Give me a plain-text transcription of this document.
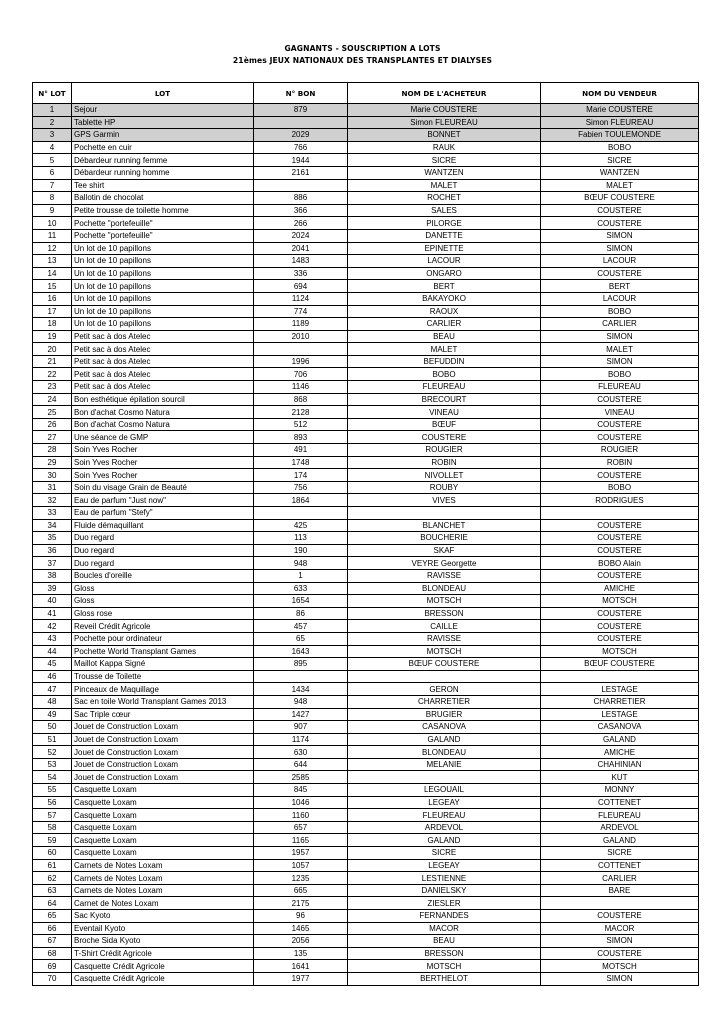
GAGNANTS - SOUSCRIPTION A LOTS
21èmes JEUX NATIONAUX DES TRANSPLANTES ET DIALYSES
N° LOT	LOT	N° BON	NOM DE L'ACHETEUR	NOM DU VENDEUR
1	Sejour	879	Marie COUSTERE	Marie COUSTERE
2	Tablette HP		Simon FLEUREAU	Simon FLEUREAU
3	GPS Garmin	2029	BONNET	Fabien TOULEMONDE
4	Pochette en cuir	766	RAUK	BOBO
5	Débardeur running femme	1944	SICRE	SICRE
6	Débardeur running homme	2161	WANTZEN	WANTZEN
7	Tee shirt		MALET	MALET
8	Ballotin de chocolat	886	ROCHET	BŒUF COUSTERE
9	Petite trousse de toilette homme	366	SALES	COUSTERE
10	Pochette "portefeuille"	266	PILORGE	COUSTERE
11	Pochette "portefeuille"	2024	DANETTE	SIMON
12	Un lot de 10 papillons	2041	EPINETTE	SIMON
13	Un lot de 10 papillons	1483	LACOUR	LACOUR
14	Un lot de 10 papillons	336	ONGARO	COUSTERE
15	Un lot de 10 papillons	694	BERT	BERT
16	Un lot de 10 papillons	1124	BAKAYOKO	LACOUR
17	Un lot de 10 papillons	774	RAOUX	BOBO
18	Un lot de 10 papillons	1189	CARLIER	CARLIER
19	Petit sac à dos Atelec	2010	BEAU	SIMON
20	Petit sac à dos Atelec		MALET	MALET
21	Petit sac à dos Atelec	1996	BEFUDDIN	SIMON
22	Petit sac à dos Atelec	706	BOBO	BOBO
23	Petit sac à dos Atelec	1146	FLEUREAU	FLEUREAU
24	Bon esthétique épilation sourcil	868	BRECOURT	COUSTERE
25	Bon d'achat Cosmo Natura	2128	VINEAU	VINEAU
26	Bon d'achat Cosmo Natura	512	BŒUF	COUSTERE
27	Une séance de GMP	893	COUSTERE	COUSTERE
28	Soin Yves Rocher	491	ROUGIER	ROUGIER
29	Soin Yves Rocher	1748	ROBIN	ROBIN
30	Soin Yves Rocher	174	NIVOLLET	COUSTERE
31	Soin du visage Grain de Beauté	756	ROUBY	BOBO
32	Eau de parfum "Just now"	1864	VIVES	RODRIGUES
33	Eau de parfum "Stefy"			
34	Fluide démaquillant	425	BLANCHET	COUSTERE
35	Duo regard	113	BOUCHERIE	COUSTERE
36	Duo regard	190	SKAF	COUSTERE
37	Duo regard	948	VEYRE Georgette	BOBO Alain
38	Boucles d'oreille	1	RAVISSE	COUSTERE
39	Gloss	633	BLONDEAU	AMICHE
40	Gloss	1654	MOTSCH	MOTSCH
41	Gloss rose	86	BRESSON	COUSTERE
42	Reveil Crédit Agricole	457	CAILLE	COUSTERE
43	Pochette pour ordinateur	65	RAVISSE	COUSTERE
44	Pochette World Transplant Games	1643	MOTSCH	MOTSCH
45	Maillot Kappa Signé	895	BŒUF COUSTERE	BŒUF COUSTERE
46	Trousse de Toilette			
47	Pinceaux de Maquillage	1434	GERON	LESTAGE
48	Sac en toile World Transplant Games 2013	948	CHARRETIER	CHARRETIER
49	Sac Triple cœur	1427	BRUGIER	LESTAGE
50	Jouet de Construction Loxam	907	CASANOVA	CASANOVA
51	Jouet de Construction Loxam	1174	GALAND	GALAND
52	Jouet de Construction Loxam	630	BLONDEAU	AMICHE
53	Jouet de Construction Loxam	644	MELANIE	CHAHINIAN
54	Jouet de Construction Loxam	2585		KUT
55	Casquette Loxam	845	LEGOUAIL	MONNY
56	Casquette Loxam	1046	LEGEAY	COTTENET
57	Casquette Loxam	1160	FLEUREAU	FLEUREAU
58	Casquette Loxam	657	ARDEVOL	ARDEVOL
59	Casquette Loxam	1165	GALAND	GALAND
60	Casquette Loxam	1957	SICRE	SICRE
61	Carnets de Notes Loxam	1057	LEGEAY	COTTENET
62	Carnets de Notes Loxam	1235	LESTIENNE	CARLIER
63	Carnets de Notes Loxam	665	DANIELSKY	BARE
64	Carnet de Notes Loxam	2175	ZIESLER	
65	Sac Kyoto	96	FERNANDES	COUSTERE
66	Eventail Kyoto	1465	MACOR	MACOR
67	Broche Sida Kyoto	2056	BEAU	SIMON
68	T-Shirt Crédit Agricole	135	BRESSON	COUSTERE
69	Casquette Crédit Agricole	1641	MOTSCH	MOTSCH
70	Casquette Crédit Agricole	1977	BERTHELOT	SIMON
